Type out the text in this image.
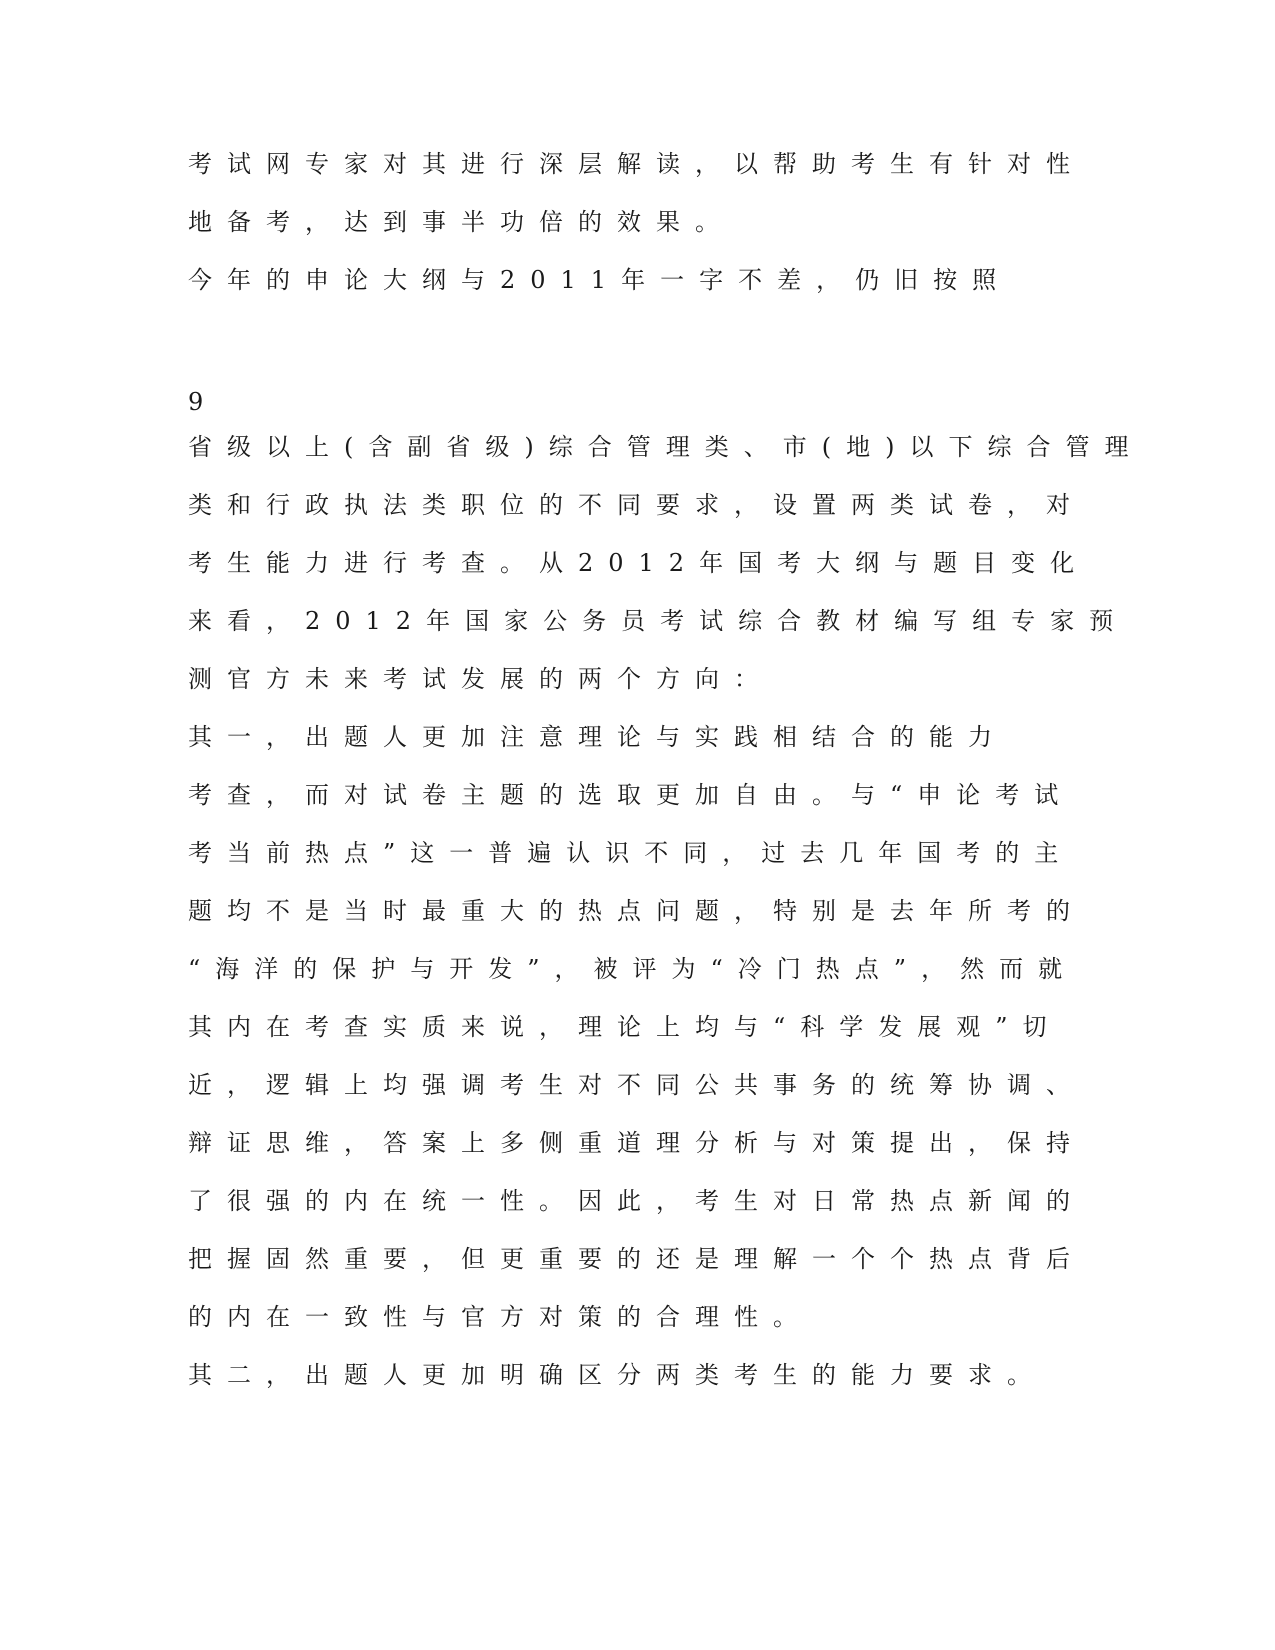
考试网专家对其进行深层解读，以帮助考生有针对性
地备考，达到事半功倍的效果。
今年的申论大纲与2011年一字不差，仍旧按照
9
省级以上(含副省级)综合管理类、市(地)以下综合管理
类和行政执法类职位的不同要求，设置两类试卷，对
考生能力进行考查。从2012年国考大纲与题目变化
来看，2012年国家公务员考试综合教材编写组专家预
测官方未来考试发展的两个方向：
其一，出题人更加注意理论与实践相结合的能力
考查，而对试卷主题的选取更加自由。与“申论考试
考当前热点”这一普遍认识不同，过去几年国考的主
题均不是当时最重大的热点问题，特别是去年所考的
“海洋的保护与开发”，被评为“冷门热点”，然而就
其内在考查实质来说，理论上均与“科学发展观”切
近，逻辑上均强调考生对不同公共事务的统筹协调、
辩证思维，答案上多侧重道理分析与对策提出，保持
了很强的内在统一性。因此，考生对日常热点新闻的
把握固然重要，但更重要的还是理解一个个热点背后
的内在一致性与官方对策的合理性。
其二，出题人更加明确区分两类考生的能力要求。
